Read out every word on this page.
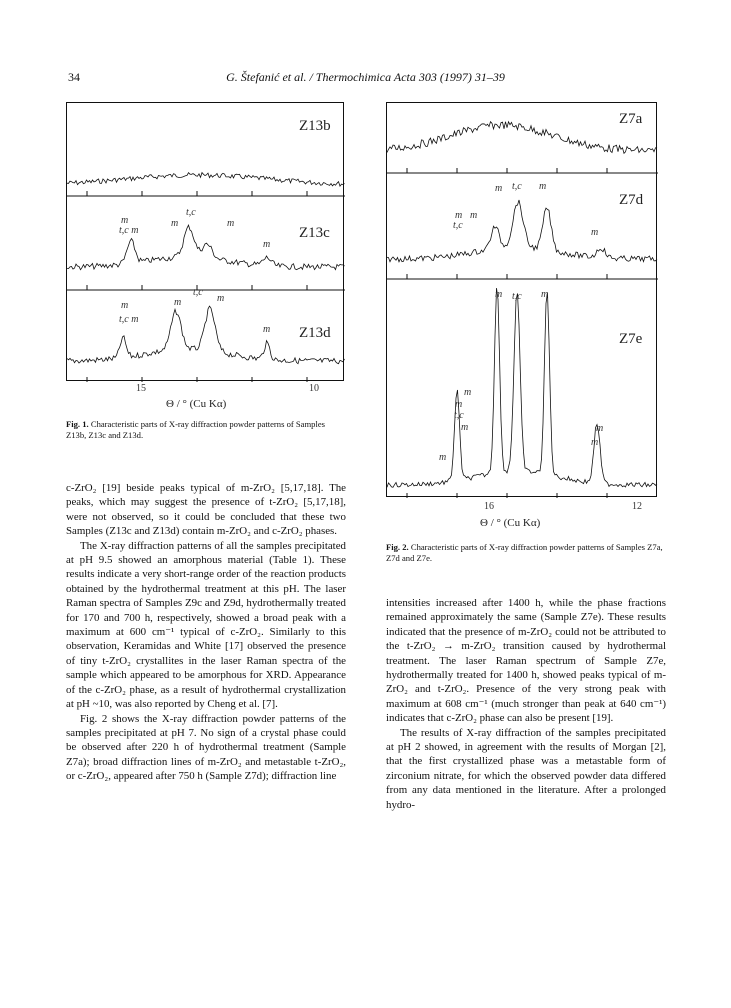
G. Štefanić et al. / Thermochimica Acta 303 (1997) 31–39
34
Z13b
Z13c
Z13d
t,c
m	m
t,c m
m
m
t,c
m	m
m
t,c m
m
15	10
Θ / ° (Cu Kα)
Fig. 1. Characteristic parts of X-ray diffraction powder patterns of Samples Z13b, Z13c and Z13d.
Z7a
Z7d
Z7e
m t,c m
m m
t,c
m
m t,c m
m
m
t,c
m
m
m
m
16	12
Θ / ° (Cu Kα)
Fig. 2. Characteristic parts of X-ray diffraction powder patterns of Samples Z7a, Z7d and Z7e.

c-ZrO₂ [19] beside peaks typical of m-ZrO₂ [5,17,18]. The peaks, which may suggest the presence of t-ZrO₂ [5,17,18], were not observed, so it could be concluded that these two Samples (Z13c and Z13d) contain m-ZrO₂ and c-ZrO₂ phases.

The X-ray diffraction patterns of all the samples precipitated at pH 9.5 showed an amorphous material (Table 1). These results indicate a very short-range order of the reaction products obtained by the hydrothermal treatment at this pH. The laser Raman spectra of Samples Z9c and Z9d, hydrothermally treated for 170 and 700 h, respectively, showed a broad peak with a maximum at 600 cm⁻¹ typical of c-ZrO₂. Similarly to this observation, Keramidas and White [17] observed the presence of tiny t-ZrO₂ crystallites in the laser Raman spectra of the sample which appeared to be amorphous for XRD. Appearance of the c-ZrO₂ phase, as a result of hydrothermal crystallization at pH ~10, was also reported by Cheng et al. [7].

Fig. 2 shows the X-ray diffraction powder patterns of the samples precipitated at pH 7. No sign of a crystal phase could be observed after 220 h of hydrothermal treatment (Sample Z7a); broad diffraction lines of m-ZrO₂ and metastable t-ZrO₂, or c-ZrO₂, appeared after 750 h (Sample Z7d); diffraction line

intensities increased after 1400 h, while the phase fractions remained approximately the same (Sample Z7e). These results indicated that the presence of m-ZrO₂ could not be attributed to the t-ZrO₂ → m-ZrO₂ transition caused by hydrothermal treatment. The laser Raman spectrum of Sample Z7e, hydrothermally treated for 1400 h, showed peaks typical of m-ZrO₂ and t-ZrO₂. Presence of the very strong peak with maximum at 608 cm⁻¹ (much stronger than peak at 640 cm⁻¹) indicates that c-ZrO₂ phase can also be present [19].

The results of X-ray diffraction of the samples precipitated at pH 2 showed, in agreement with the results of Morgan [2], that the first crystallized phase was a metastable form of zirconium nitrate, for which the observed powder data differed from any data mentioned in the literature. After a prolonged hydro-
